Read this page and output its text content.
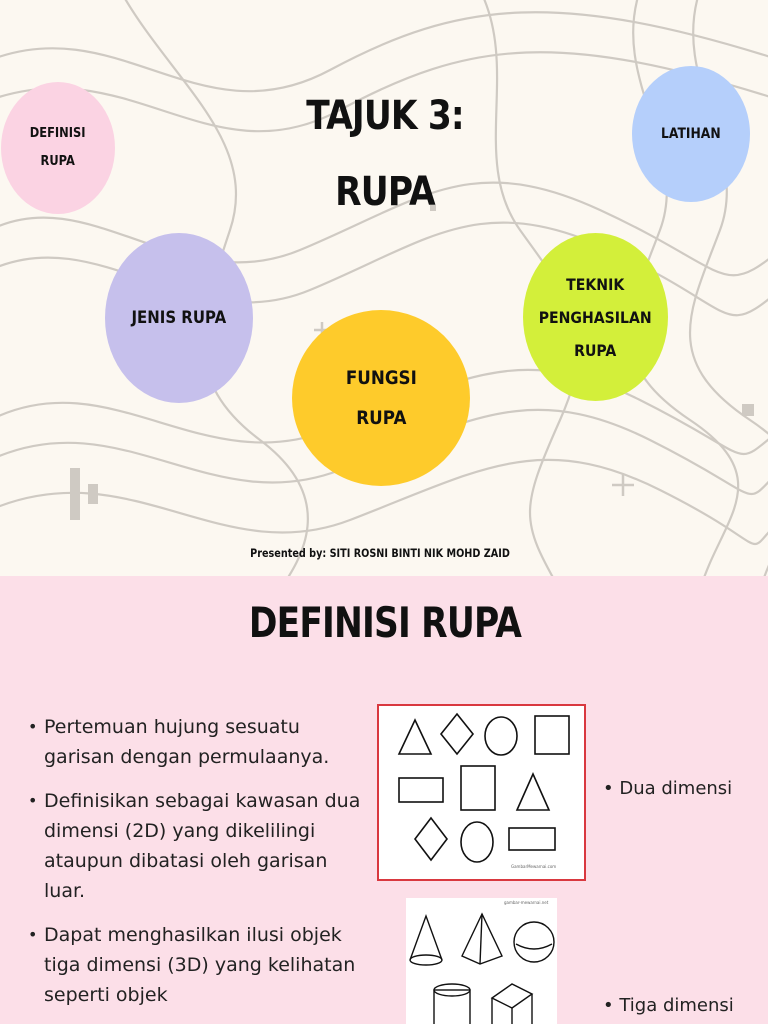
TAJUK 3:
RUPA
DEFINISI
RUPA
LATIHAN
JENIS RUPA
FUNGSI
RUPA
TEKNIK
PENGHASILAN
RUPA
Presented by: SITI ROSNI BINTI NIK MOHD ZAID
DEFINISI RUPA
• Pertemuan hujung sesuatu garisan dengan permulaanya.
• Definisikan sebagai kawasan dua dimensi (2D) yang dikelilingi ataupun dibatasi oleh garisan luar.
• Dapat menghasilkan ilusi objek tiga dimensi (3D) yang kelihatan seperti objek
GambarMewarnai.com
• Dua dimensi
gambar-mewarnai.net
• Tiga dimensi
